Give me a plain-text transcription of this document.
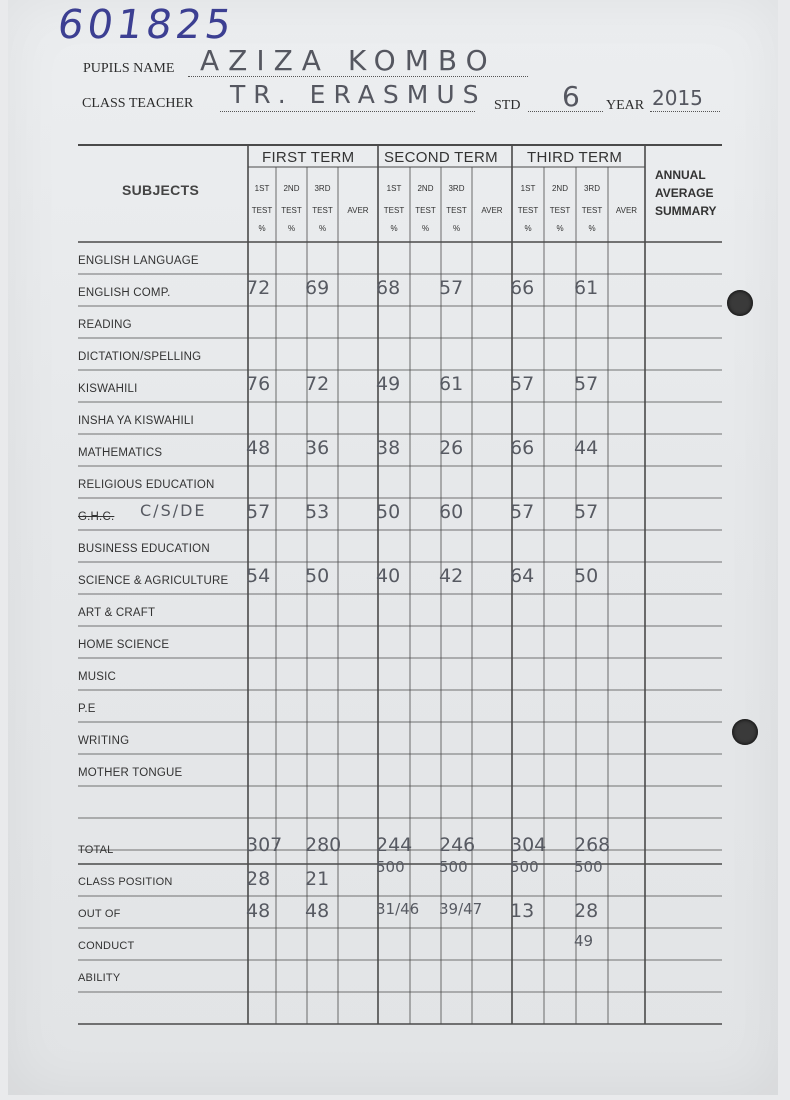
601825
PUPILS NAME AZIZA KOMBO
CLASS TEACHER TR. ERASMUS STD 6 YEAR 2015
SUBJECTS
FIRST TERM SECOND TERM THIRD TERM
ANNUAL
AVERAGE
SUMMARY
1ST
TEST
%
2ND
TEST
%
3RD
TEST
%
AVER
1ST
TEST
%
2ND
TEST
%
3RD
TEST
%
AVER
1ST
TEST
%
2ND
TEST
%
3RD
TEST
%
AVER
ENGLISH LANGUAGE
ENGLISH COMP.
READING
DICTATION/SPELLING
KISWAHILI
INSHA YA KISWAHILI
MATHEMATICS
RELIGIOUS EDUCATION
G.H.C.
BUSINESS EDUCATION
SCIENCE & AGRICULTURE
ART & CRAFT
HOME SCIENCE
MUSIC
P.E
WRITING
MOTHER TONGUE
C/S/DE
TOTAL
CLASS POSITION
OUT OF
CONDUCT
ABILITY
72 69 68 57 66 61
76 72 49 61 57 57
48 36 38 26 66 44
57 53 50 60 57 57
54 50 40 42 64 50
307 280 244
500
246
500
304
500
268
500
28 21
48 48	31/46 39/47 13 28
49
